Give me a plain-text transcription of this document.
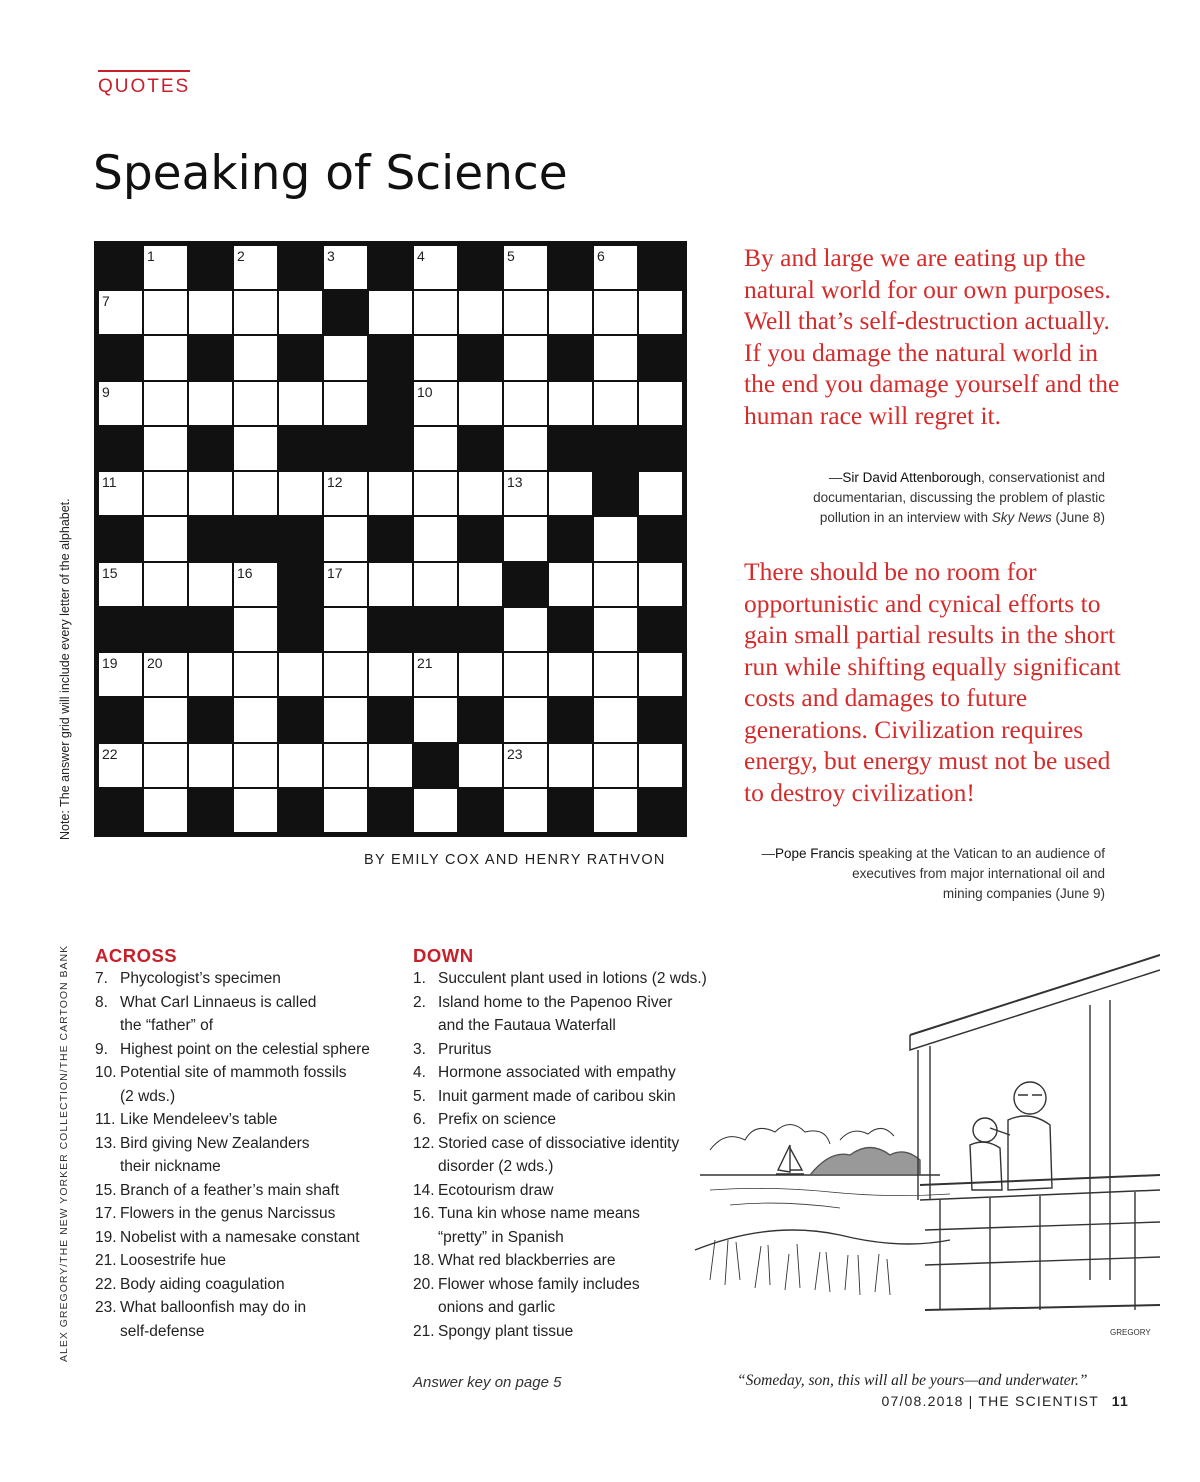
QUOTES
Speaking of Science
1	2	3	4	5	6
7
9	10
11	12	13
15	16	17
19 20	21
22	23
BY EMILY COX AND HENRY RATHVON
Note: The answer grid will include every letter of the alphabet.
ALEX GREGORY/THE NEW YORKER COLLECTION/THE CARTOON BANK
By and large we are eating up the natural world for our own purposes. Well that’s self-destruction actually. If you damage the natural world in the end you damage yourself and the human race will regret it.
—Sir David Attenborough, conservationist and
documentarian, discussing the problem of plastic
pollution in an interview with Sky News (June 8)
There should be no room for opportunistic and cynical efforts to gain small partial results in the short run while shifting equally significant costs and damages to future generations. Civilization requires energy, but energy must not be used to destroy civilization!
—Pope Francis speaking at the Vatican to an audience of
executives from major international oil and
mining companies (June 9)
ACROSS
7. Phycologist’s specimen
8. What Carl Linnaeus is called
the “father” of
9. Highest point on the celestial sphere
10. Potential site of mammoth fossils
(2 wds.)
11. Like Mendeleev’s table
13. Bird giving New Zealanders
their nickname
15. Branch of a feather’s main shaft
17. Flowers in the genus Narcissus
19. Nobelist with a namesake constant
21. Loosestrife hue
22. Body aiding coagulation
23. What balloonfish may do in
self-defense
DOWN
1. Succulent plant used in lotions (2 wds.)
2. Island home to the Papenoo River
and the Fautaua Waterfall
3. Pruritus
4. Hormone associated with empathy
5. Inuit garment made of caribou skin
6. Prefix on science
12. Storied case of dissociative identity
disorder (2 wds.)
14. Ecotourism draw
16. Tuna kin whose name means
“pretty” in Spanish
18. What red blackberries are
20. Flower whose family includes
onions and garlic
21. Spongy plant tissue
Answer key on page 5
GREGORY
“Someday, son, this will all be yours—and underwater.”
07/08.2018 | THE SCIENTIST 11
